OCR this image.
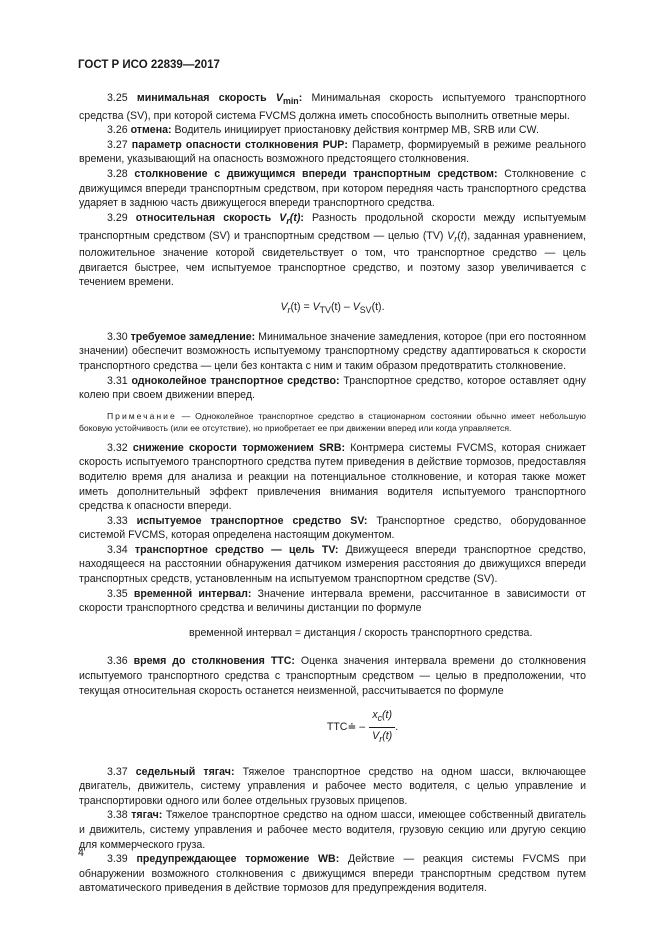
ГОСТ Р ИСО 22839—2017

3.25 минимальная скорость $V_{min}$: Минимальная скорость испытуемого транспортного средства (SV), при которой система FVCMS должна иметь способность выполнить ответные меры.

3.26 отмена: Водитель инициирует приостановку действия контрмер MB, SRB или CW.

3.27 параметр опасности столкновения PUP: Параметр, формируемый в режиме реального времени, указывающий на опасность возможного предстоящего столкновения.

3.28 столкновение с движущимся впереди транспортным средством: Столкновение с движущимся впереди транспортным средством, при котором передняя часть транспортного средства ударяет в заднюю часть движущегося впереди транспортного средства.

3.29 относительная скорость $V_r(t)$: Разность продольной скорости между испытуемым транспортным средством (SV) и транспортным средством — целью (TV) $V_r(t)$, заданная уравнением, положительное значение которой свидетельствует о том, что транспортное средство — цель двигается быстрее, чем испытуемое транспортное средство, и поэтому зазор увеличивается с течением времени.

$V_r(t) = V_{TV}(t) - V_{SV}(t)$.

3.30 требуемое замедление: Минимальное значение замедления, которое (при его постоянном значении) обеспечит возможность испытуемому транспортному средству адаптироваться к скорости транспортного средства — цели без контакта с ним и таким образом предотвратить столкновение.

3.31 одноколейное транспортное средство: Транспортное средство, которое оставляет одну колею при своем движении вперед.

Примечание — Одноколейное транспортное средство в стационарном состоянии обычно имеет небольшую боковую устойчивость (или ее отсутствие), но приобретает ее при движении вперед или когда управляется.

3.32 снижение скорости торможением SRB: Контрмера системы FVCMS, которая снижает скорость испытуемого транспортного средства путем приведения в действие тормозов, предоставляя водителю время для анализа и реакции на потенциальное столкновение, и которая также может иметь дополнительный эффект привлечения внимания водителя испытуемого транспортного средства к опасности впереди.

3.33 испытуемое транспортное средство SV: Транспортное средство, оборудованное системой FVCMS, которая определена настоящим документом.

3.34 транспортное средство — цель TV: Движущееся впереди транспортное средство, находящееся на расстоянии обнаружения датчиком измерения расстояния до движущихся впереди транспортных средств, установленным на испытуемом транспортном средстве (SV).

3.35 временной интервал: Значение интервала времени, рассчитанное в зависимости от скорости транспортного средства и величины дистанции по формуле

временной интервал = дистанция / скорость транспортного средства.

3.36 время до столкновения TTC: Оценка значения интервала времени до столкновения испытуемого транспортного средства с транспортным средством — целью в предположении, что текущая относительная скорость останется неизменной, рассчитывается по формуле

TTC ≐ – $\frac{x_c(t)}{V_r(t)}$ .

3.37 седельный тягач: Тяжелое транспортное средство на одном шасси, включающее двигатель, движитель, систему управления и рабочее место водителя, с целью управление и транспортировки одного или более отдельных грузовых прицепов.

3.38 тягач: Тяжелое транспортное средство на одном шасси, имеющее собственный двигатель и движитель, систему управления и рабочее место водителя, грузовую секцию или другую секцию для коммерческого груза.

3.39 предупреждающее торможение WB: Действие — реакция системы FVCMS при обнаружении возможного столкновения с движущимся впереди транспортным средством путем автоматического приведения в действие тормозов для предупреждения водителя.

4
